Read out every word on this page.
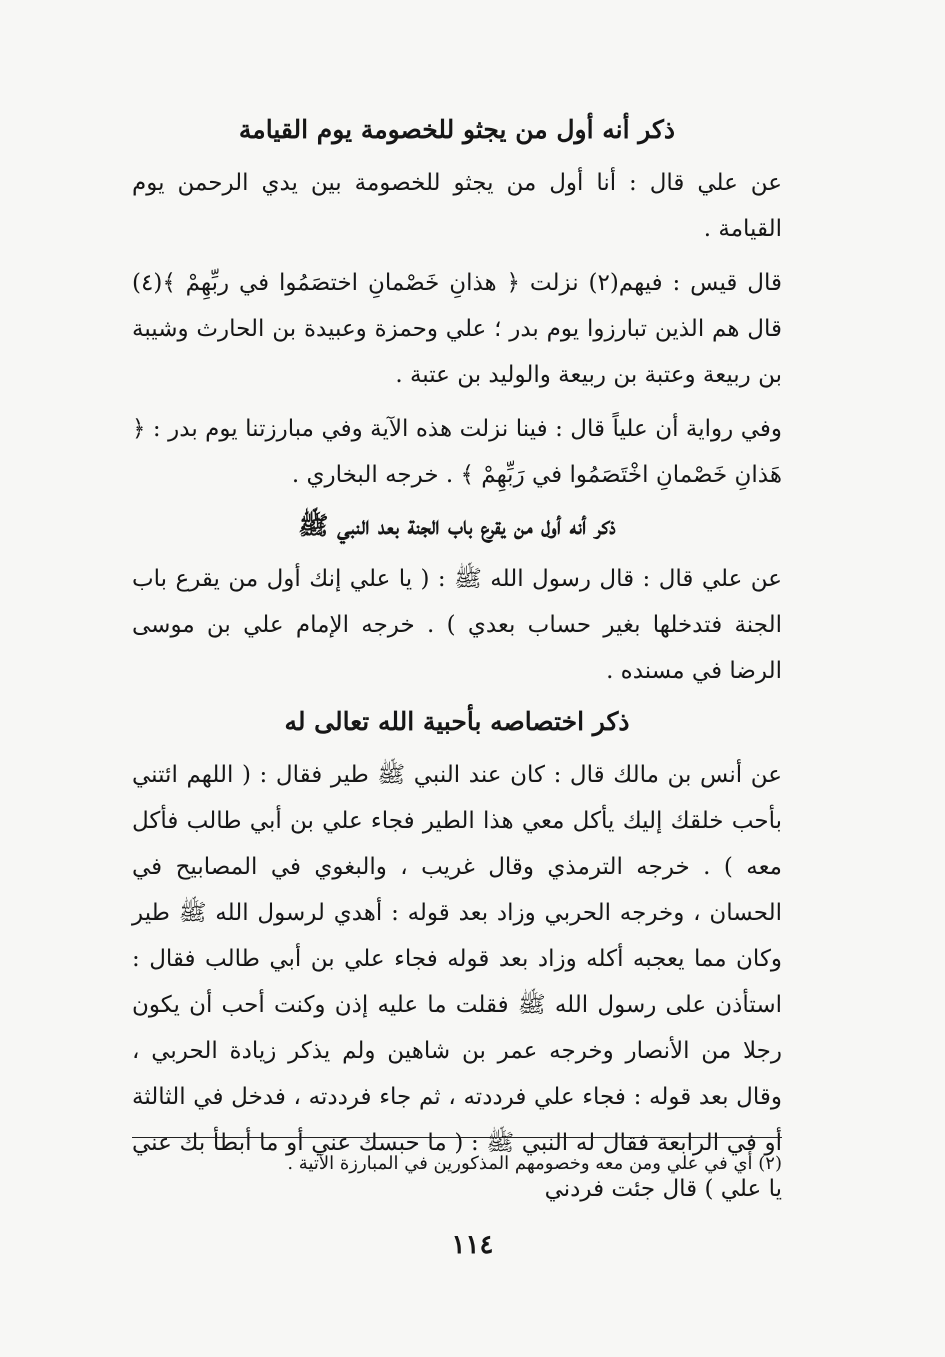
ذكر أنه أول من يجثو للخصومة يوم القيامة

عن علي قال : أنا أول من يجثو للخصومة بين يدي الرحمن يوم القيامة .

قال قيس : فيهم(٢) نزلت ﴿ هذانِ خَصْمانِ اختصَمُوا في ربِّهِمْ ﴾(٤) قال هم الذين تبارزوا يوم بدر ؛ علي وحمزة وعبيدة بن الحارث وشيبة بن ربيعة وعتبة بن ربيعة والوليد بن عتبة .

وفي رواية أن علياً قال : فينا نزلت هذه الآية وفي مبارزتنا يوم بدر : ﴿ هَذانِ خَصْمانِ اخْتَصَمُوا في رَبِّهِمْ ﴾ . خرجه البخاري .

ذكر أنه أول من يقرع باب الجنة بعد النبي ﷺ

عن علي قال : قال رسول الله ﷺ : ( يا علي إنك أول من يقرع باب الجنة فتدخلها بغير حساب بعدي ) . خرجه الإمام علي بن موسى الرضا في مسنده .

ذكر اختصاصه بأحبية الله تعالى له

عن أنس بن مالك قال : كان عند النبي ﷺ طير فقال : ( اللهم ائتني بأحب خلقك إليك يأكل معي هذا الطير فجاء علي بن أبي طالب فأكل معه ) . خرجه الترمذي وقال غريب ، والبغوي في المصابيح في الحسان ، وخرجه الحربي وزاد بعد قوله : أهدي لرسول الله ﷺ طير وكان مما يعجبه أكله وزاد بعد قوله فجاء علي بن أبي طالب فقال : استأذن على رسول الله ﷺ فقلت ما عليه إذن وكنت أحب أن يكون رجلا من الأنصار وخرجه عمر بن شاهين ولم يذكر زيادة الحربي ، وقال بعد قوله : فجاء علي فرددته ، ثم جاء فرددته ، فدخل في الثالثة أو في الرابعة فقال له النبي ﷺ : ( ما حبسك عني أو ما أبطأ بك عني يا علي ) قال جئت فردني

(٢) أي في علي ومن معه وخصومهم المذكورين في المبارزة الآتية .
١١٤
